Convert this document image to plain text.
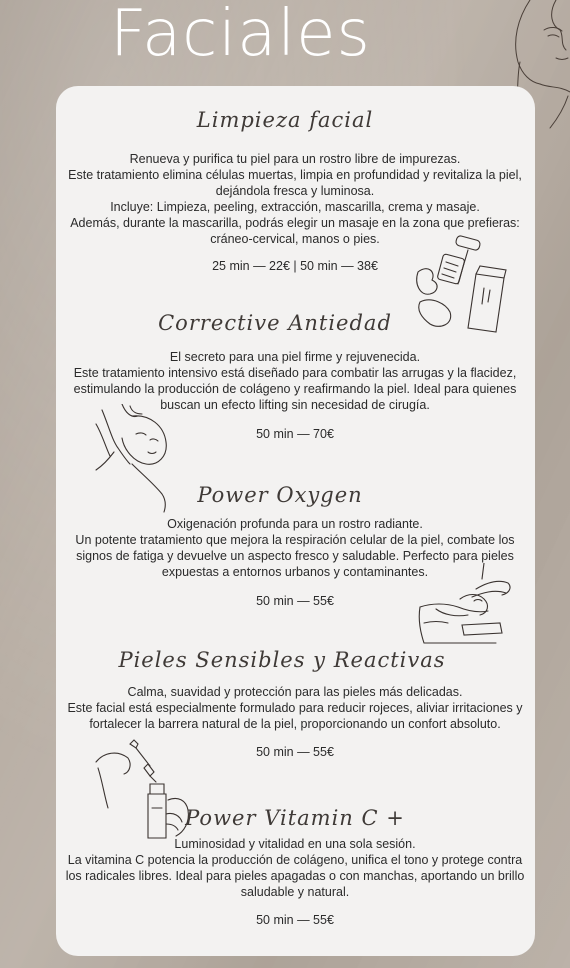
Faciales
Limpieza facial

Renueva y purifica tu piel para un rostro libre de impurezas.

Este tratamiento elimina células muertas, limpia en profundidad y revitaliza la piel, dejándola fresca y luminosa.

Incluye: Limpieza, peeling, extracción, mascarilla, crema y masaje.

Además, durante la mascarilla, podrás elegir un masaje en la zona que prefieras: cráneo-cervical, manos o pies.

25 min — 22€ | 50 min — 38€
Corrective Antiedad

El secreto para una piel firme y rejuvenecida.

Este tratamiento intensivo está diseñado para combatir las arrugas y la flacidez, estimulando la producción de colágeno y reafirmando la piel. Ideal para quienes buscan un efecto lifting sin necesidad de cirugía.

50 min — 70€
Power Oxygen

Oxigenación profunda para un rostro radiante.

Un potente tratamiento que mejora la respiración celular de la piel, combate los signos de fatiga y devuelve un aspecto fresco y saludable. Perfecto para pieles expuestas a entornos urbanos y contaminantes.

50 min — 55€
Pieles Sensibles y Reactivas

Calma, suavidad y protección para las pieles más delicadas.

Este facial está especialmente formulado para reducir rojeces, aliviar irritaciones y fortalecer la barrera natural de la piel, proporcionando un confort absoluto.

50 min — 55€
Power Vitamin C +

Luminosidad y vitalidad en una sola sesión.

La vitamina C potencia la producción de colágeno, unifica el tono y protege contra los radicales libres. Ideal para pieles apagadas o con manchas, aportando un brillo saludable y natural.

50 min — 55€
